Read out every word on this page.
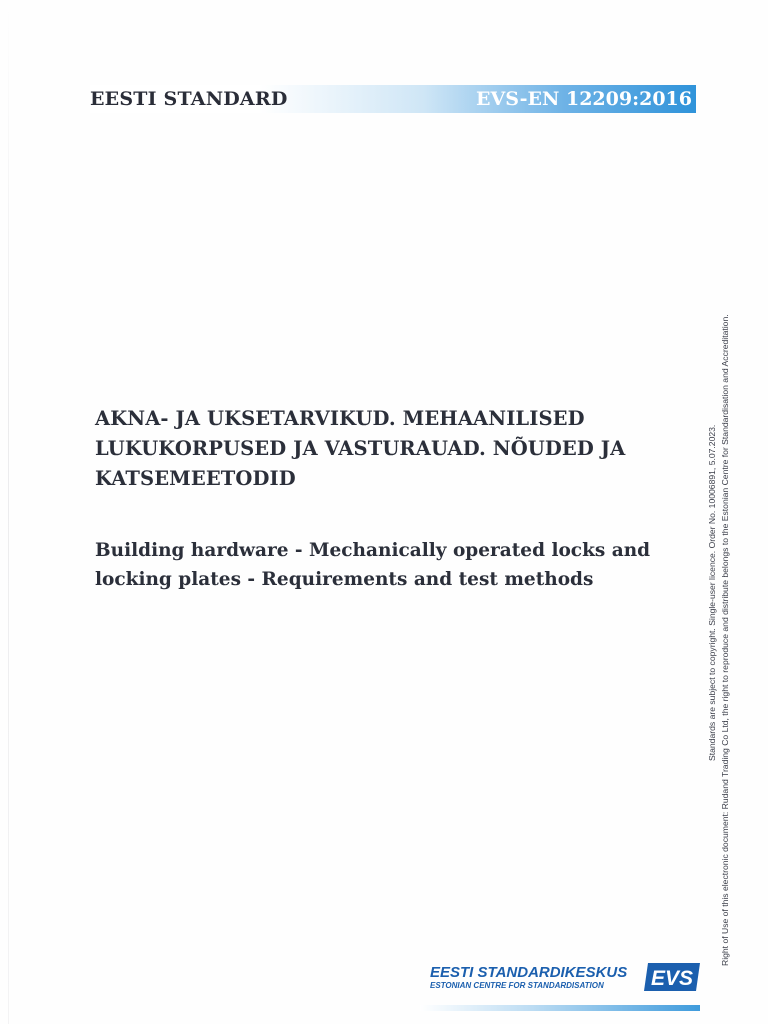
EESTI STANDARD	EVS-EN 12209:2016
AKNA- JA UKSETARVIKUD. MEHAANILISED
LUKUKORPUSED JA VASTURAUAD. NÕUDED JA
KATSEMEETODID
Building hardware - Mechanically operated locks and
locking plates - Requirements and test methods	Standards are subject to copyright. Single-user licence. Order No. 10006891, 5.07.2023. Right of Use of this electronic document: Rudand Trading Co Ltd, the right to reproduce and distribute belongs to the Estonian Centre for Standardisation and Accreditation.
EESTI STANDARDIKESKUS
ESTONIAN CENTRE FOR STANDARDISATION EVS
